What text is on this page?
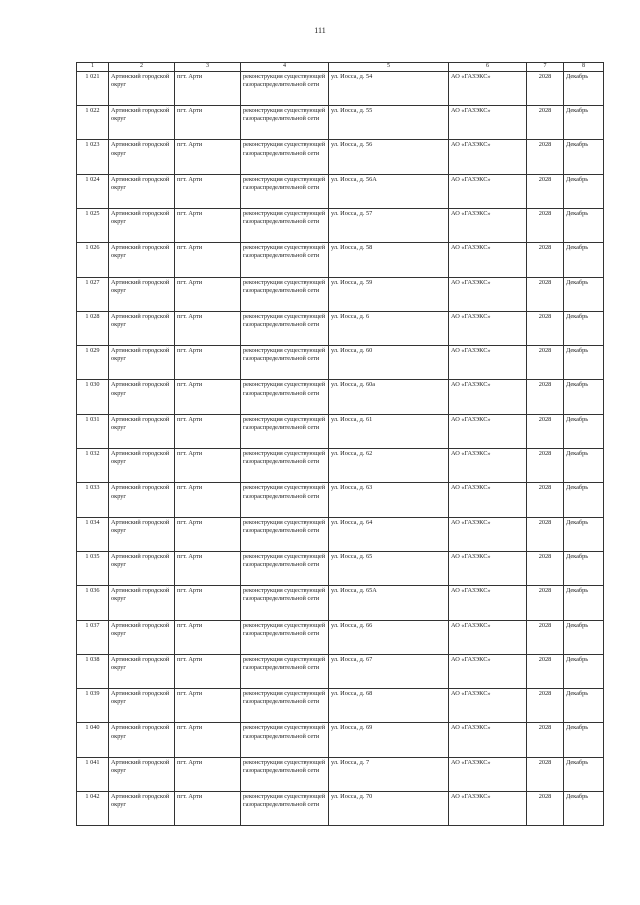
111
1	2	3	4	5	6	7	8
1 021	Артинский городской округ	пгт. Арти	реконструкция существующей газораспределительной сети	ул. Иосса, д. 54	АО «ГАЗЭКС»	2028	Декабрь
1 022	Артинский городской округ	пгт. Арти	реконструкция существующей газораспределительной сети	ул. Иосса, д. 55	АО «ГАЗЭКС»	2028	Декабрь
1 023	Артинский городской округ	пгт. Арти	реконструкция существующей газораспределительной сети	ул. Иосса, д. 56	АО «ГАЗЭКС»	2028	Декабрь
1 024	Артинский городской округ	пгт. Арти	реконструкция существующей газораспределительной сети	ул. Иосса, д. 56А	АО «ГАЗЭКС»	2028	Декабрь
1 025	Артинский городской округ	пгт. Арти	реконструкция существующей газораспределительной сети	ул. Иосса, д. 57	АО «ГАЗЭКС»	2028	Декабрь
1 026	Артинский городской округ	пгт. Арти	реконструкция существующей газораспределительной сети	ул. Иосса, д. 58	АО «ГАЗЭКС»	2028	Декабрь
1 027	Артинский городской округ	пгт. Арти	реконструкция существующей газораспределительной сети	ул. Иосса, д. 59	АО «ГАЗЭКС»	2028	Декабрь
1 028	Артинский городской округ	пгт. Арти	реконструкция существующей газораспределительной сети	ул. Иосса, д. 6	АО «ГАЗЭКС»	2028	Декабрь
1 029	Артинский городской округ	пгт. Арти	реконструкция существующей газораспределительной сети	ул. Иосса, д. 60	АО «ГАЗЭКС»	2028	Декабрь
1 030	Артинский городской округ	пгт. Арти	реконструкция существующей газораспределительной сети	ул. Иосса, д. 60а	АО «ГАЗЭКС»	2028	Декабрь
1 031	Артинский городской округ	пгт. Арти	реконструкция существующей газораспределительной сети	ул. Иосса, д. 61	АО «ГАЗЭКС»	2028	Декабрь
1 032	Артинский городской округ	пгт. Арти	реконструкция существующей газораспределительной сети	ул. Иосса, д. 62	АО «ГАЗЭКС»	2028	Декабрь
1 033	Артинский городской округ	пгт. Арти	реконструкция существующей газораспределительной сети	ул. Иосса, д. 63	АО «ГАЗЭКС»	2028	Декабрь
1 034	Артинский городской округ	пгт. Арти	реконструкция существующей газораспределительной сети	ул. Иосса, д. 64	АО «ГАЗЭКС»	2028	Декабрь
1 035	Артинский городской округ	пгт. Арти	реконструкция существующей газораспределительной сети	ул. Иосса, д. 65	АО «ГАЗЭКС»	2028	Декабрь
1 036	Артинский городской округ	пгт. Арти	реконструкция существующей газораспределительной сети	ул. Иосса, д. 65А	АО «ГАЗЭКС»	2028	Декабрь
1 037	Артинский городской округ	пгт. Арти	реконструкция существующей газораспределительной сети	ул. Иосса, д. 66	АО «ГАЗЭКС»	2028	Декабрь
1 038	Артинский городской округ	пгт. Арти	реконструкция существующей газораспределительной сети	ул. Иосса, д. 67	АО «ГАЗЭКС»	2028	Декабрь
1 039	Артинский городской округ	пгт. Арти	реконструкция существующей газораспределительной сети	ул. Иосса, д. 68	АО «ГАЗЭКС»	2028	Декабрь
1 040	Артинский городской округ	пгт. Арти	реконструкция существующей газораспределительной сети	ул. Иосса, д. 69	АО «ГАЗЭКС»	2028	Декабрь
1 041	Артинский городской округ	пгт. Арти	реконструкция существующей газораспределительной сети	ул. Иосса, д. 7	АО «ГАЗЭКС»	2028	Декабрь
1 042	Артинский городской округ	пгт. Арти	реконструкция существующей газораспределительной сети	ул. Иосса, д. 70	АО «ГАЗЭКС»	2028	Декабрь
